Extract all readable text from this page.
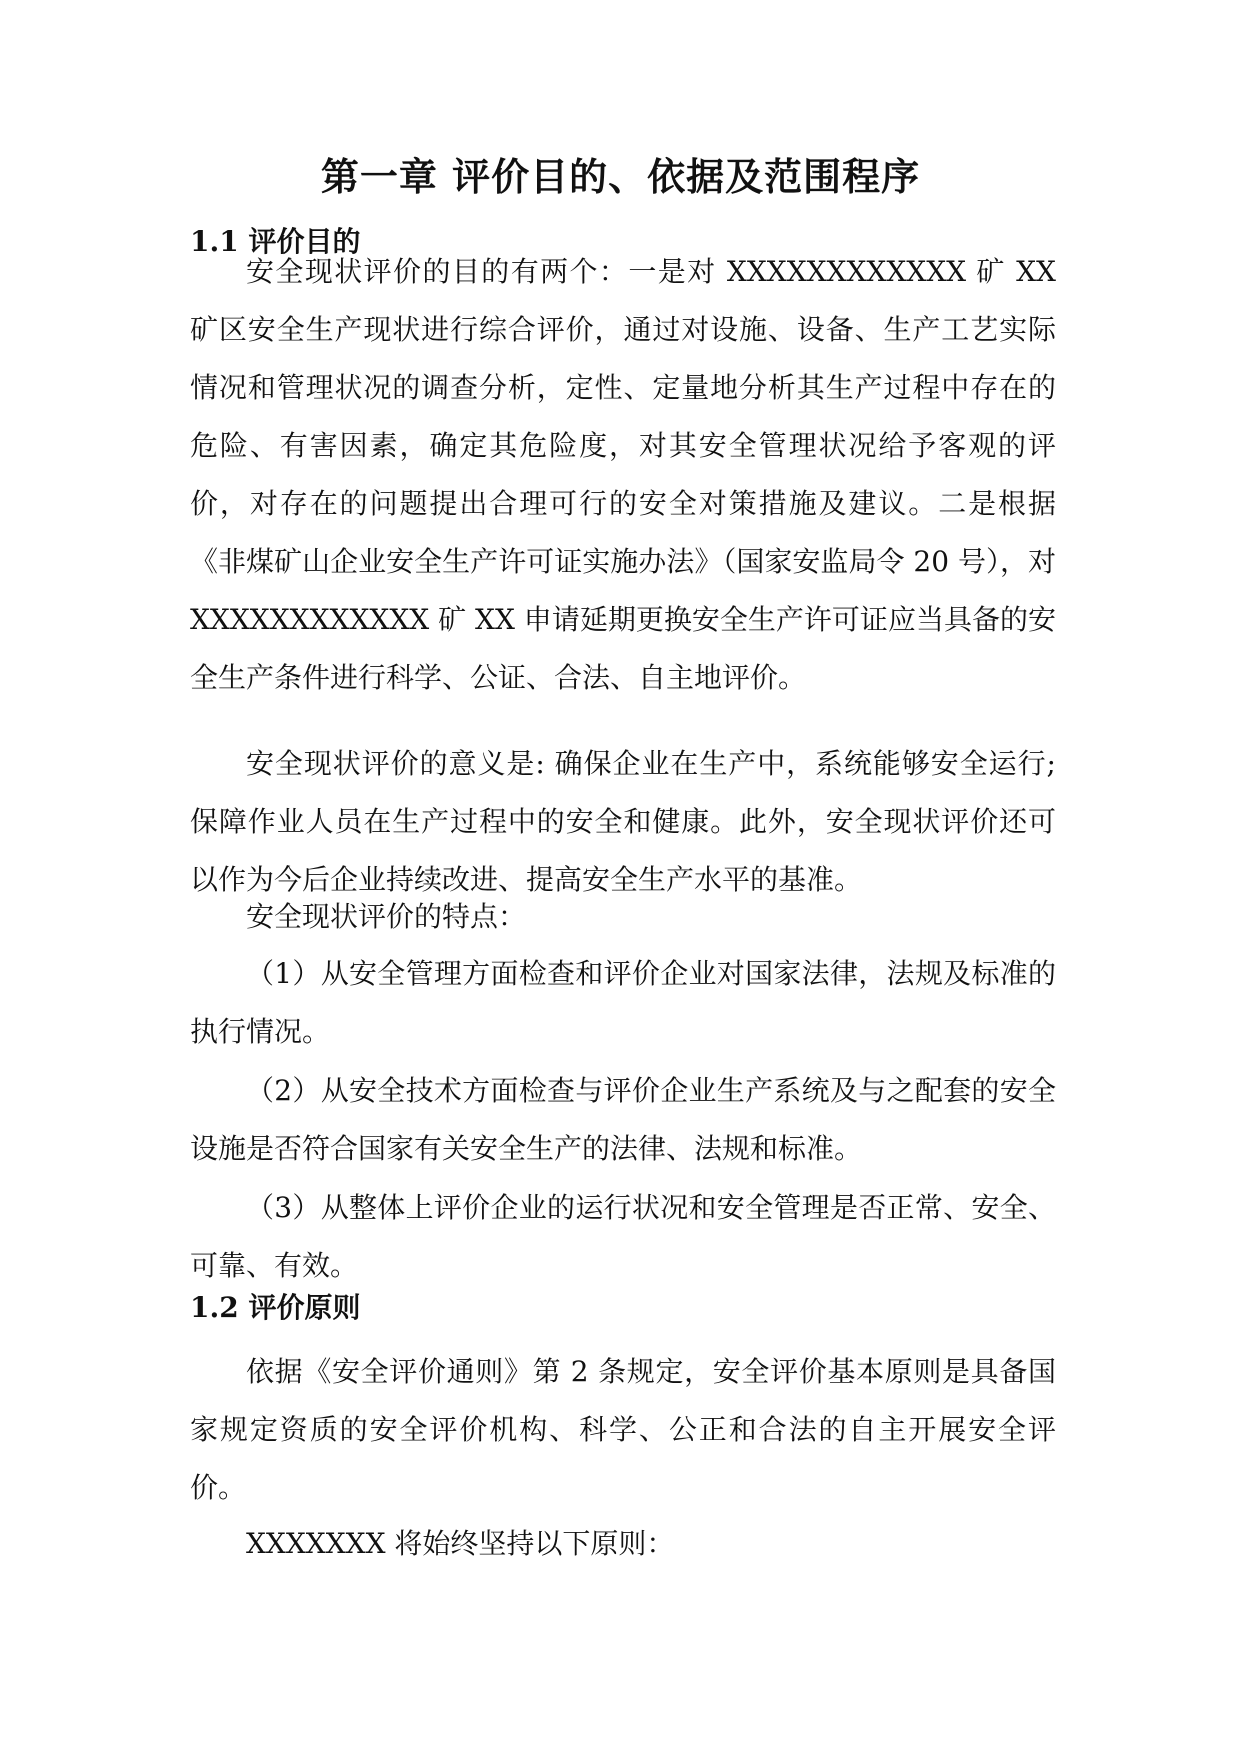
第一章 评价目的、依据及范围程序
1.1 评价目的

安全现状评价的目的有两个：一是对 XXXXXXXXXXXX 矿 XX 矿区安全生产现状进行综合评价，通过对设施、设备、生产工艺实际情况和管理状况的调查分析，定性、定量地分析其生产过程中存在的危险、有害因素，确定其危险度，对其安全管理状况给予客观的评价，对存在的问题提出合理可行的安全对策措施及建议。二是根据《非煤矿山企业安全生产许可证实施办法》（国家安监局令 20 号），对 XXXXXXXXXXXX 矿 XX 申请延期更换安全生产许可证应当具备的安全生产条件进行科学、公证、合法、自主地评价。

安全现状评价的意义是: 确保企业在生产中，系统能够安全运行;保障作业人员在生产过程中的安全和健康。此外，安全现状评价还可以作为今后企业持续改进、提高安全生产水平的基准。

安全现状评价的特点：

（1）从安全管理方面检查和评价企业对国家法律，法规及标准的执行情况。

（2）从安全技术方面检查与评价企业生产系统及与之配套的安全设施是否符合国家有关安全生产的法律、法规和标准。

（3）从整体上评价企业的运行状况和安全管理是否正常、安全、可靠、有效。

1.2 评价原则

依据《安全评价通则》第 2 条规定，安全评价基本原则是具备国家规定资质的安全评价机构、科学、公正和合法的自主开展安全评价。

XXXXXXX 将始终坚持以下原则：
